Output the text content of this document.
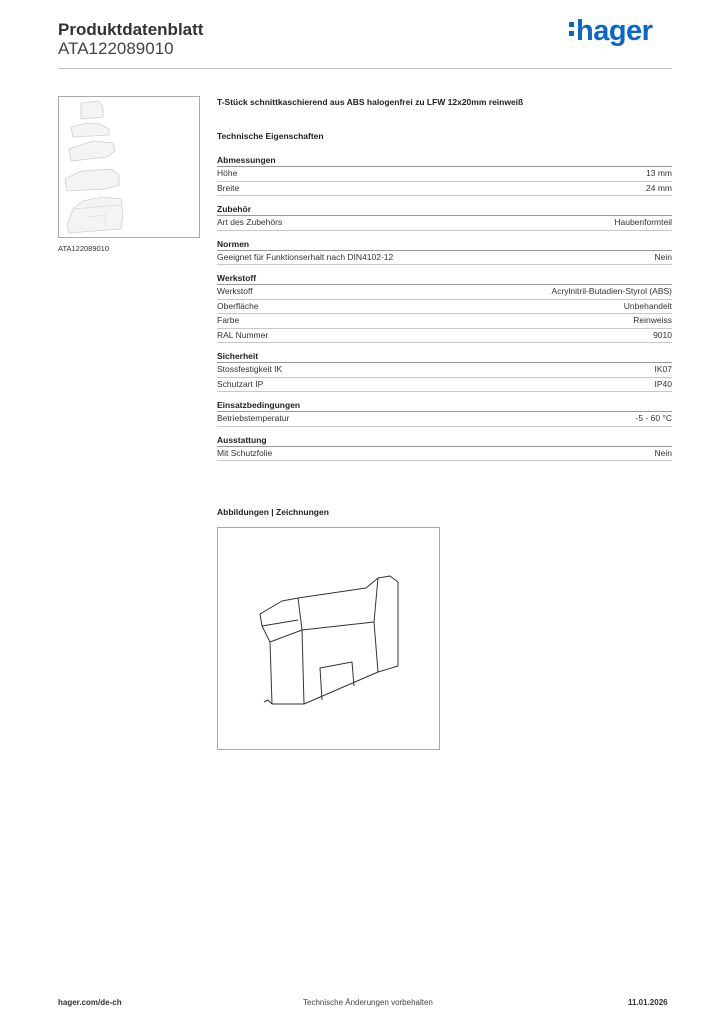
Produktdatenblatt
ATA122089010
hager
ATA122089010
T-Stück schnittkaschierend aus ABS halogenfrei zu LFW 12x20mm reinweiß
Technische Eigenschaften
Abmessungen
Höhe	13 mm
Breite	24 mm
Zubehör
Art des Zubehörs	Haubenformteil
Normen
Geeignet für Funktionserhalt nach DIN4102-12	Nein
Werkstoff
Werkstoff	Acrylnitril-Butadien-Styrol (ABS)
Oberfläche	Unbehandelt
Farbe	Reinweiss
RAL Nummer	9010
Sicherheit
Stossfestigkeit IK	IK07
Schutzart IP	IP40
Einsatzbedingungen
Betriebstemperatur	-5 - 60 °C
Ausstattung
Mit Schutzfolie	Nein
Abbildungen | Zeichnungen
hager.com/de-ch	Technische Änderungen vorbehalten	11.01.2026
